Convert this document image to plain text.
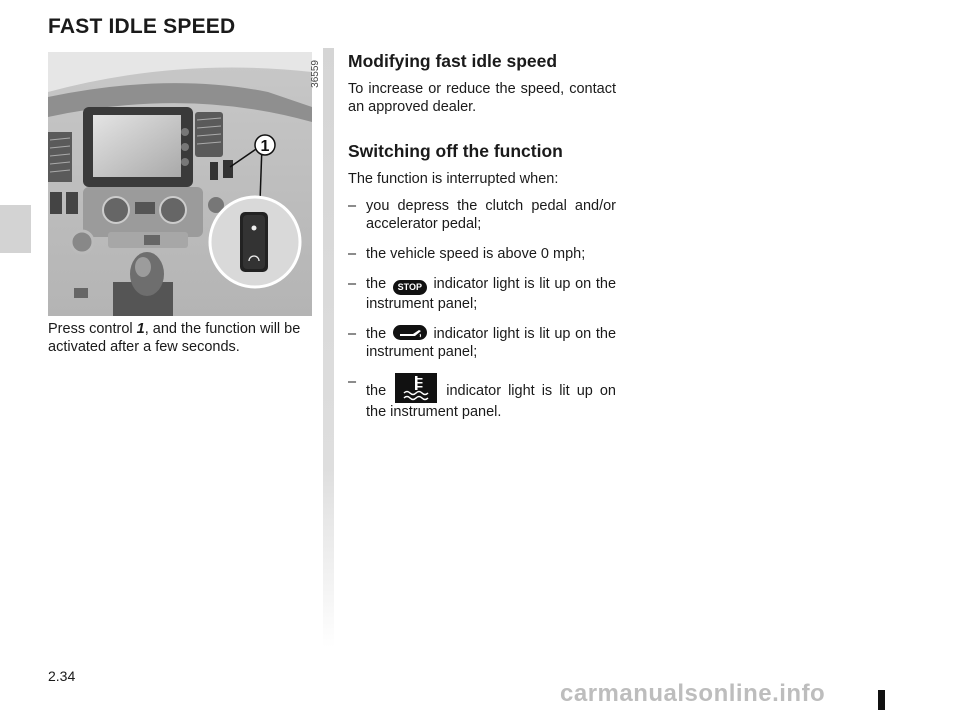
FAST IDLE SPEED
1
36559
Press control 1, and the function will be activated after a few seconds.
Modifying fast idle speed

To increase or reduce the speed, contact an approved dealer.

Switching off the function

The function is interrupted when:

– you depress the clutch pedal and/or accelerator pedal;
– the vehicle speed is above 0 mph;
– the STOP indicator light is lit up on the instrument panel;
– the	indicator light is lit up on the instrument panel;
–
the	indicator light is lit up on the instrument panel.
2.34
carmanualsonline.info
